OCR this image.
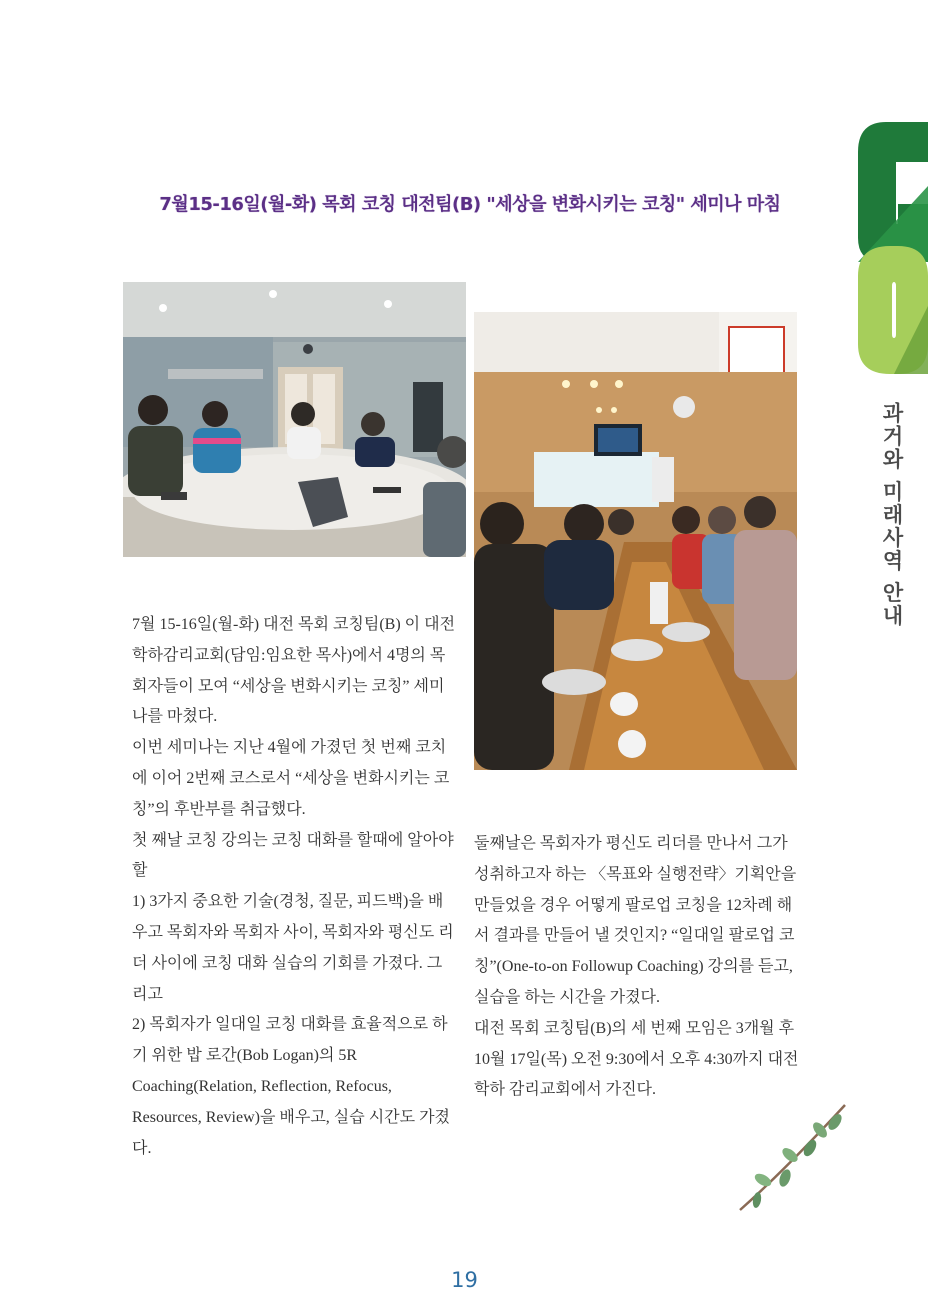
7월15-16일(월-화) 목회 코칭 대전팀(B) "세상을 변화시키는 코칭" 세미나 마침

7월 15-16일(월-화) 대전 목회 코칭팀(B) 이 대전 학하감리교회(담임:임요한 목사)에서 4명의 목회자들이 모여 “세상을 변화시키는 코칭” 세미나를 마쳤다.

이번 세미나는 지난 4월에 가졌던 첫 번째 코치에 이어 2번째 코스로서 “세상을 변화시키는 코칭”의 후반부를 취급했다.

첫 째날 코칭 강의는 코칭 대화를 할때에 알아야 할

1) 3가지 중요한 기술(경청, 질문, 피드백)을 배우고 목회자와 목회자 사이, 목회자와 평신도 리더 사이에 코칭 대화 실습의 기회를 가졌다. 그리고

2) 목회자가 일대일 코칭 대화를 효율적으로 하기 위한 밥 로간(Bob Logan)의 5R Coaching(Relation, Reflection, Refocus, Resources, Review)을 배우고, 실습 시간도 가졌다.

둘째날은 목회자가 평신도 리더를 만나서 그가 성취하고자 하는 〈목표와 실행전략〉기획안을 만들었을 경우 어떻게 팔로업 코칭을 12차례 해서 결과를 만들어 낼 것인지? “일대일 팔로업 코칭”(One-to-on Followup Coaching) 강의를 듣고, 실습을 하는 시간을 가졌다.

대전 목회 코칭팀(B)의 세 번째 모임은 3개월 후 10월 17일(목) 오전 9:30에서 오후 4:30까지 대전 학하 감리교회에서 가진다.

과거와 미래사역 안내
19
